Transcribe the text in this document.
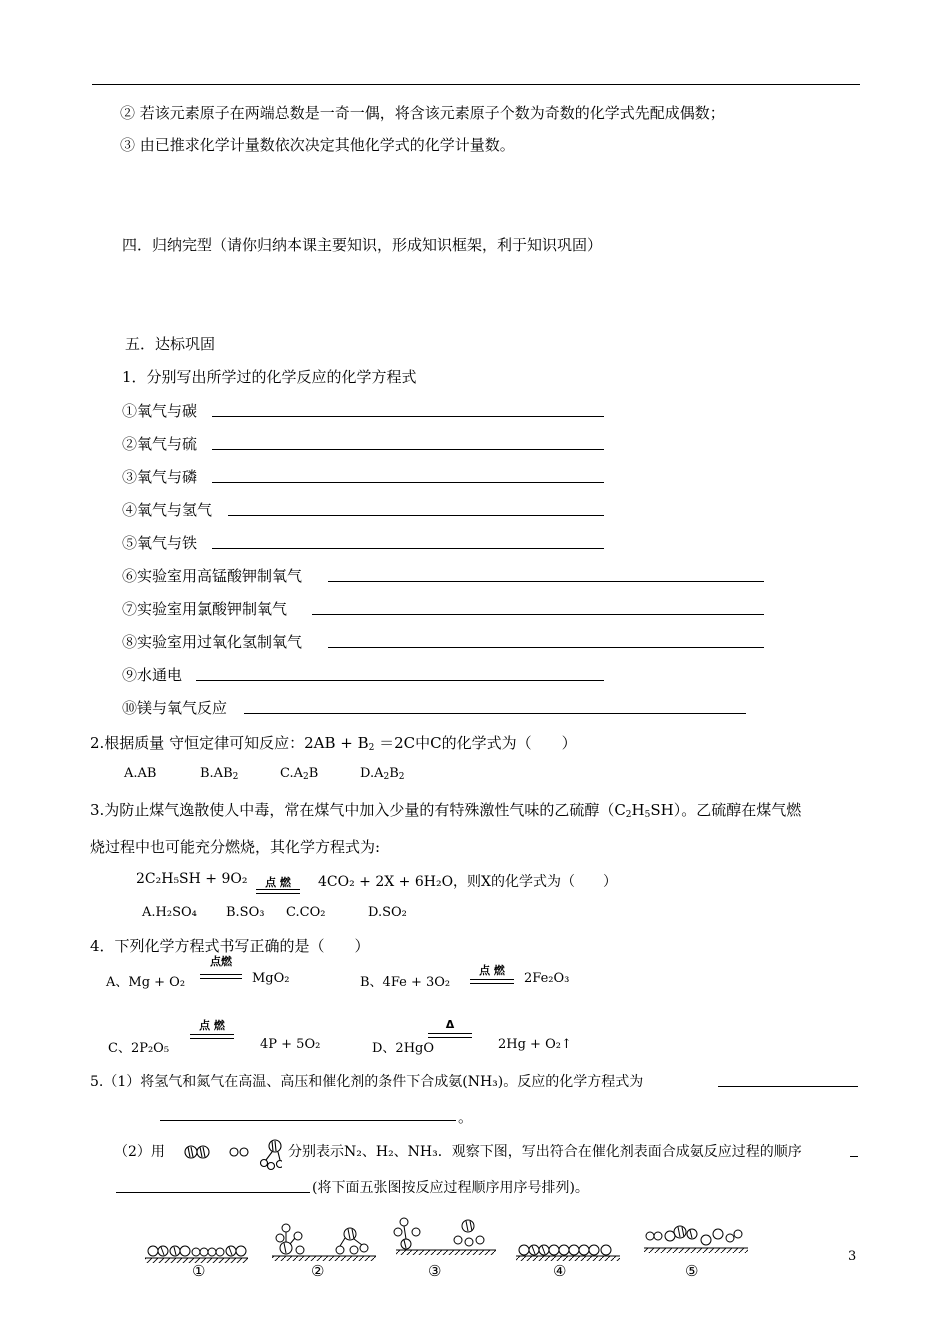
② 若该元素原子在两端总数是一奇一偶，将含该元素原子个数为奇数的化学式先配成偶数；
③ 由已推求化学计量数依次决定其他化学式的化学计量数。
四．归纳完型（请你归纳本课主要知识，形成知识框架，利于知识巩固）
五．达标巩固
1．分别写出所学过的化学反应的化学方程式
①氧气与碳
②氧气与硫
③氧气与磷
④氧气与氢气
⑤氧气与铁
⑥实验室用高锰酸钾制氧气
⑦实验室用氯酸钾制氧气
⑧实验室用过氧化氢制氧气
⑨水通电
⑩镁与氧气反应
2.根据质量 守恒定律可知反应：$2AB + B_2 =2C$中C的化学式为（　　）
A.AB	$B.AB_2$	$C.A_2B$	$D.A_2B_2$
3.为防止煤气逸散使人中毒，常在煤气中加入少量的有特殊激性气味的乙硫醇$(C_2H_5SH)$。乙硫醇在煤气燃
烧过程中也可能充分燃烧，其化学方程式为:
2C₂H₅SH + 9O₂	点 燃	4CO₂ + 2X + 6H₂O，则X的化学式为（　　）
A.H₂SO₄ B.SO₃ C.CO₂	D.SO₂
4．下列化学方程式书写正确的是（　　）
A、Mg + O₂
点燃
MgO₂	B、4Fe + 3O₂
点 燃
2Fe₂O₃
C、2P₂O₅
点 燃
4P + 5O₂	D、2HgO
Δ
2Hg + O₂↑
5.（1）将氢气和氮气在高温、高压和催化剂的条件下合成氨(NH₃)。反应的化学方程式为
。
（2）用	分别表示N₂、H₂、NH₃．观察下图，写出符合在催化剂表面合成氨反应过程的顺序
(将下面五张图按反应过程顺序用序号排列)。
①	②	③	④	⑤
3
